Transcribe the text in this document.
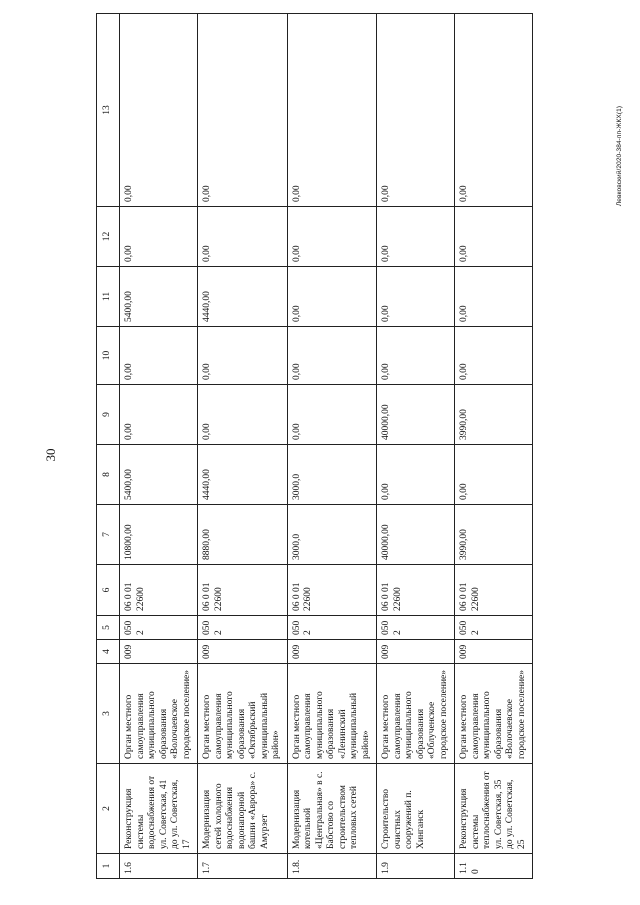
30
Левковский/2020-384-пп-ЖКХ(1)
1	2	3	4	5	6	7	8	9	10	11	12	13
1.6	Реконструкция системы водоснабжения от ул. Советская, 41 до ул. Советская, 17	Орган местного самоуправления муниципального образования «Волочаевское городское поселение»	009	0502	06 0 01 22600	10800,00	5400,00	0,00	0,00	5400,00	0,00	0,00
1.7	Модернизация сетей холодного водоснабжения водонапорной башни «Аврора» с. Амурзет	Орган местного самоуправления муниципального образования «Октябрьский муниципальный район»	009	0502	06 0 01 22600	8880,00	4440,00	0,00	0,00	4440,00	0,00	0,00
1.8.	Модернизация котельной «Центральная» в с. Бабстово со строительством тепловых сетей	Орган местного самоуправления муниципального образования «Ленинский муниципальный район»	009	0502	06 0 01 22600	3000,0	3000,0	0,00	0,00	0,00	0,00	0,00
1.9	Строительство очистных сооружений п. Хинганск	Орган местного самоуправления муниципального образования «Облученское городское поселение»	009	0502	06 0 01 22600	40000,00	0,00	40000,00	0,00	0,00	0,00	0,00
1.10	Реконструкция системы теплоснабжения от ул. Советская, 35 до ул. Советская, 25	Орган местного самоуправления муниципального образования «Волочаевское городское поселение»	009	0502	06 0 01 22600	3990,00	0,00	3990,00	0,00	0,00	0,00	0,00
